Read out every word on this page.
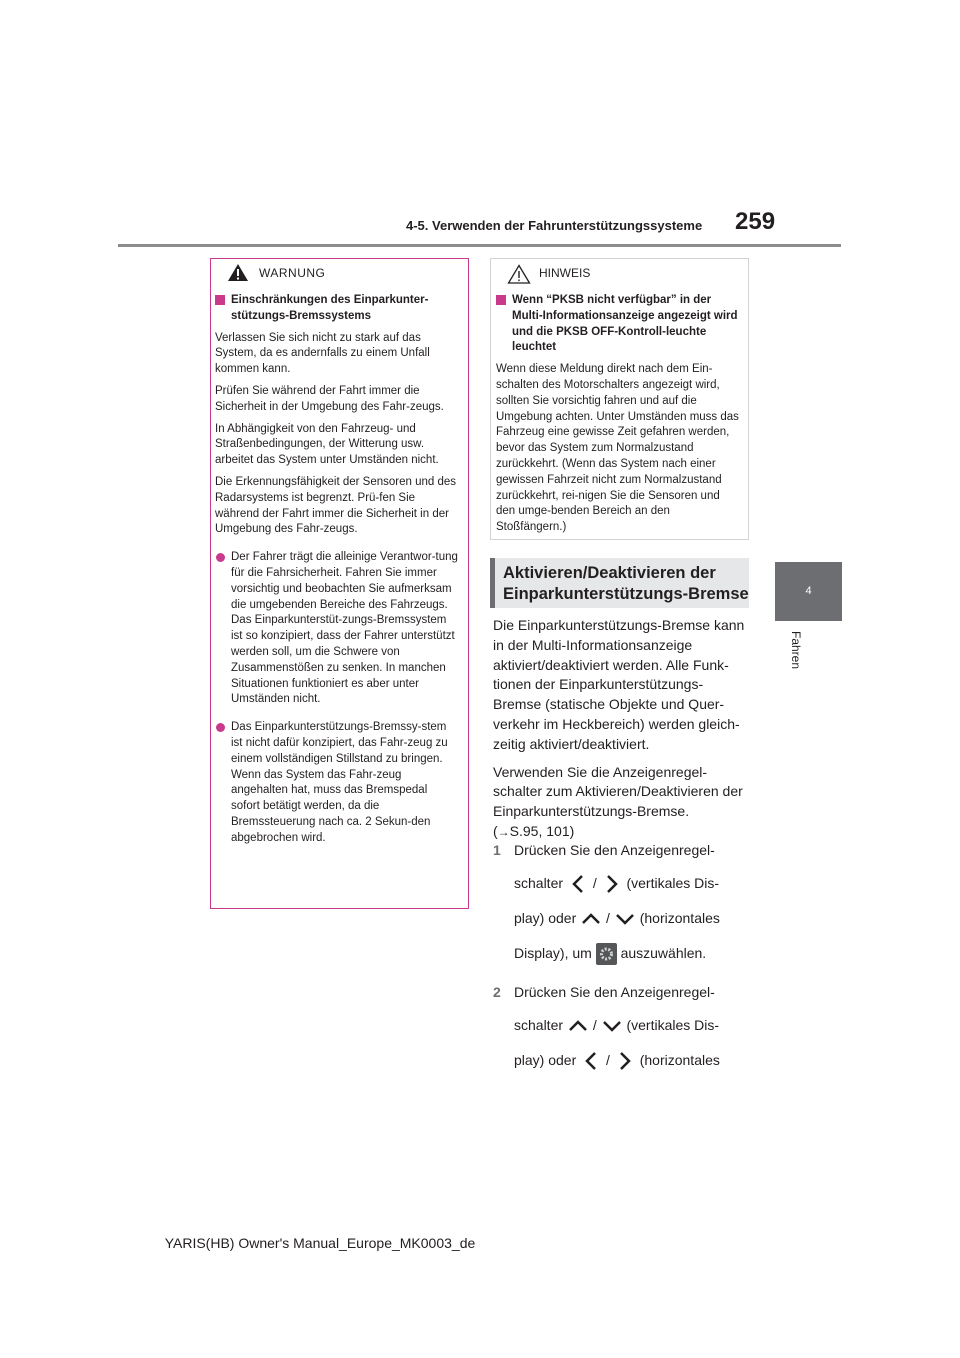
4-5. Verwenden der Fahrunterstützungssysteme 259
4
Fahren
WARNUNG
Einschränkungen des Einparkunter-stützungs-Bremssystems

Verlassen Sie sich nicht zu stark auf das System, da es andernfalls zu einem Unfall kommen kann.

Prüfen Sie während der Fahrt immer die Sicherheit in der Umgebung des Fahr-zeugs.

In Abhängigkeit von den Fahrzeug- und Straßenbedingungen, der Witterung usw. arbeitet das System unter Umständen nicht.

Die Erkennungsfähigkeit der Sensoren und des Radarsystems ist begrenzt. Prü-fen Sie während der Fahrt immer die Sicherheit in der Umgebung des Fahr-zeugs.

Der Fahrer trägt die alleinige Verantwor-tung für die Fahrsicherheit. Fahren Sie immer vorsichtig und beobachten Sie aufmerksam die umgebenden Bereiche des Fahrzeugs. Das Einparkunterstüt-zungs-Bremssystem ist so konzipiert, dass der Fahrer unterstützt werden soll, um die Schwere von Zusammenstößen zu senken. In manchen Situationen funktioniert es aber unter Umständen nicht.
Das Einparkunterstützungs-Bremssy-stem ist nicht dafür konzipiert, das Fahr-zeug zu einem vollständigen Stillstand zu bringen. Wenn das System das Fahr-zeug angehalten hat, muss das Bremspedal sofort betätigt werden, da die Bremssteuerung nach ca. 2 Sekun-den abgebrochen wird.
HINWEIS
Wenn “PKSB nicht verfügbar” in der Multi-Informationsanzeige angezeigt wird und die PKSB OFF-Kontroll-leuchte leuchtet

Wenn diese Meldung direkt nach dem Ein-schalten des Motorschalters angezeigt wird, sollten Sie vorsichtig fahren und auf die Umgebung achten. Unter Umständen muss das Fahrzeug eine gewisse Zeit gefahren werden, bevor das System zum Normalzustand zurückkehrt. (Wenn das System nach einer gewissen Fahrzeit nicht zum Normalzustand zurückkehrt, rei-nigen Sie die Sensoren und den umge-benden Bereich an den Stoßfängern.)

Aktivieren/Deaktivieren der
Einparkunterstützungs-Bremse

Die Einparkunterstützungs-Bremse kann in der Multi-Informationsanzeige aktiviert/deaktiviert werden. Alle Funk-tionen der Einparkunterstützungs-Bremse (statische Objekte und Quer-verkehr im Heckbereich) werden gleich-zeitig aktiviert/deaktiviert.

Verwenden Sie die Anzeigenregel-schalter zum Aktivieren/Deaktivieren der Einparkunterstützungs-Bremse.
(→S.95, 101)

1 Drücken Sie den Anzeigenregel-
schalter / (vertikales Dis-
play) oder / (horizontales
Display), um auszuwählen.
2 Drücken Sie den Anzeigenregel-
schalter / (vertikales Dis-
play) oder / (horizontales
YARIS(HB) Owner's Manual_Europe_MK0003_de
